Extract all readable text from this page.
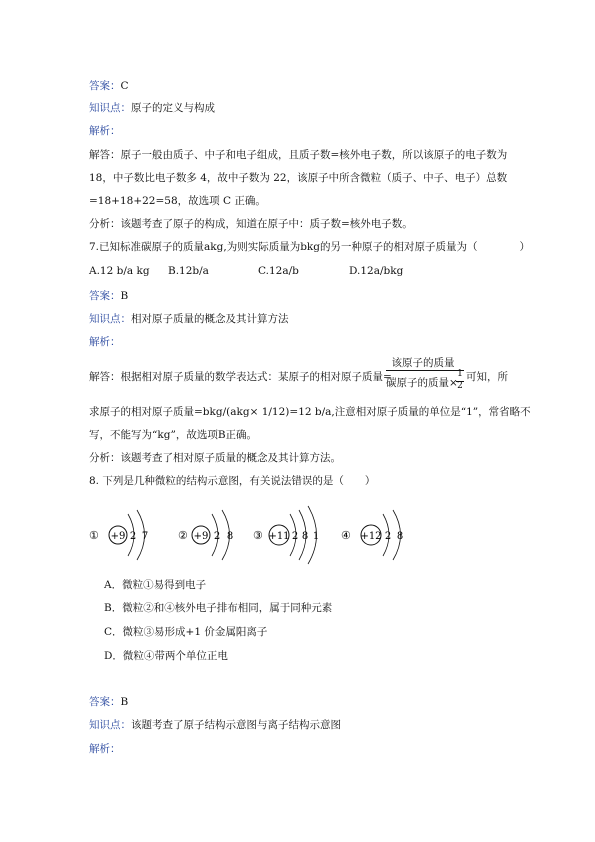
答案：C
知识点：原子的定义与构成
解析：
解答：原子一般由质子、中子和电子组成，且质子数=核外电子数，所以该原子的电子数为
18，中子数比电子数多 4，故中子数为 22，该原子中所含微粒（质子、中子、电子）总数
=18+18+22=58，故选项 C 正确。
分析：该题考查了原子的构成，知道在原子中：质子数=核外电子数。
7.已知标准碳原子的质量akg,为则实际质量为bkg的另一种原子的相对原子质量为（　　　　）
A.12 b/a kg B.12b/a	C.12a/b	D.12a/bkg
答案：B
知识点：相对原子质量的概念及其计算方法
解析：
解答：根据相对原子质量的数学表达式：某原子的相对原子质量=
该原子的质量
碳原子的质量×
1
2
可知，所
求原子的相对原子质量=bkg/(akg× 1/12)=12 b/a,注意相对原子质量的单位是“1”，常省略不
写，不能写为“kg”，故选项B正确。
分析：该题考查了相对原子质量的概念及其计算方法。
8. 下列是几种微粒的结构示意图，有关说法错误的是（　　）
① +9 2 7	② +9 2 8 ③ +11 2 8 1 ④ +12 2 8
A．微粒①易得到电子
B．微粒②和④核外电子排布相同，属于同种元素
C．微粒③易形成+1 价金属阳离子
D．微粒④带两个单位正电
答案：B
知识点：该题考查了原子结构示意图与离子结构示意图
解析：
